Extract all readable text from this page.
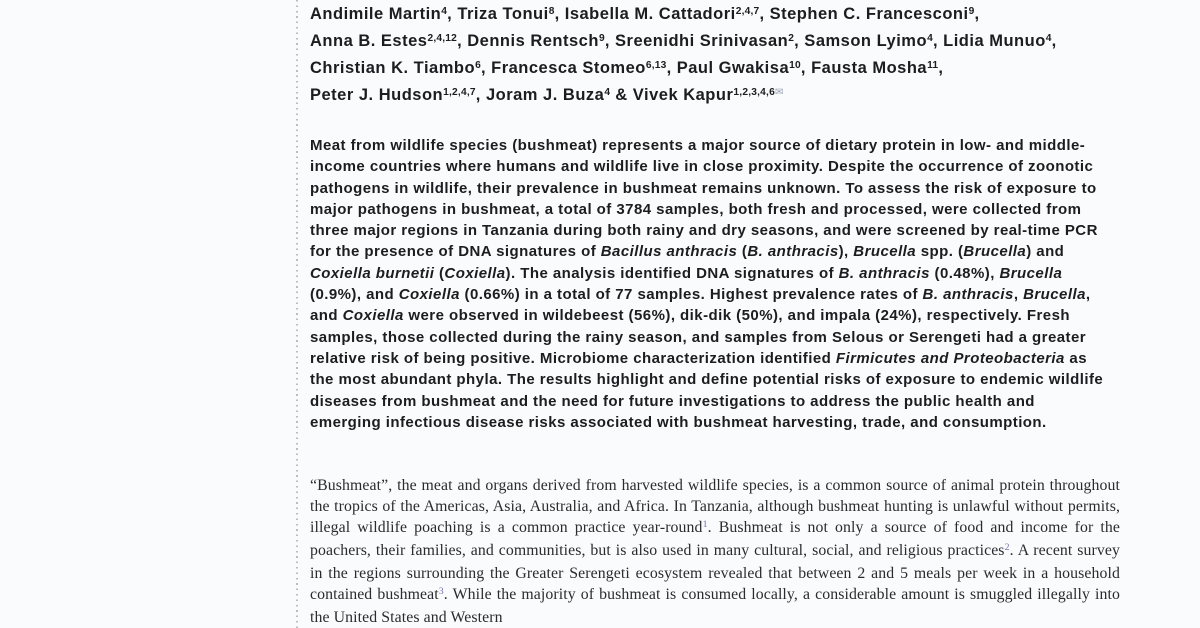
Andimile Martin$^4$, Triza Tonui$^8$, Isabella M. Cattadori$^{2,4,7}$, Stephen C. Francesconi$^9$,
Anna B. Estes$^{2,4,12}$, Dennis Rentsch$^9$, Sreenidhi Srinivasan$^2$, Samson Lyimo$^4$, Lidia Munuo$^4$,
Christian K. Tiambo$^6$, Francesca Stomeo$^{6,13}$, Paul Gwakisa$^{10}$, Fausta Mosha$^{11}$,
Peter J. Hudson$^{1,2,4,7}$, Joram J. Buza$^4$ & Vivek Kapur$^{1,2,3,4,6✉}$
Meat from wildlife species (bushmeat) represents a major source of dietary protein in low- and middle-income countries where humans and wildlife live in close proximity. Despite the occurrence of zoonotic pathogens in wildlife, their prevalence in bushmeat remains unknown. To assess the risk of exposure to major pathogens in bushmeat, a total of 3784 samples, both fresh and processed, were collected from three major regions in Tanzania during both rainy and dry seasons, and were screened by real-time PCR for the presence of DNA signatures of Bacillus anthracis (B. anthracis), Brucella spp. (Brucella) and Coxiella burnetii (Coxiella). The analysis identified DNA signatures of B. anthracis (0.48%), Brucella (0.9%), and Coxiella (0.66%) in a total of 77 samples. Highest prevalence rates of B. anthracis, Brucella, and Coxiella were observed in wildebeest (56%), dik-dik (50%), and impala (24%), respectively. Fresh samples, those collected during the rainy season, and samples from Selous or Serengeti had a greater relative risk of being positive. Microbiome characterization identified Firmicutes and Proteobacteria as the most abundant phyla. The results highlight and define potential risks of exposure to endemic wildlife diseases from bushmeat and the need for future investigations to address the public health and emerging infectious disease risks associated with bushmeat harvesting, trade, and consumption.
“Bushmeat”, the meat and organs derived from harvested wildlife species, is a common source of animal protein throughout the tropics of the Americas, Asia, Australia, and Africa. In Tanzania, although bushmeat hunting is unlawful without permits, illegal wildlife poaching is a common practice year-round$^1$. Bushmeat is not only a source of food and income for the poachers, their families, and communities, but is also used in many cultural, social, and religious practices$^2$. A recent survey in the regions surrounding the Greater Serengeti ecosystem revealed that between 2 and 5 meals per week in a household contained bushmeat$^3$. While the majority of bushmeat is consumed locally, a considerable amount is smuggled illegally into the United States and Western
